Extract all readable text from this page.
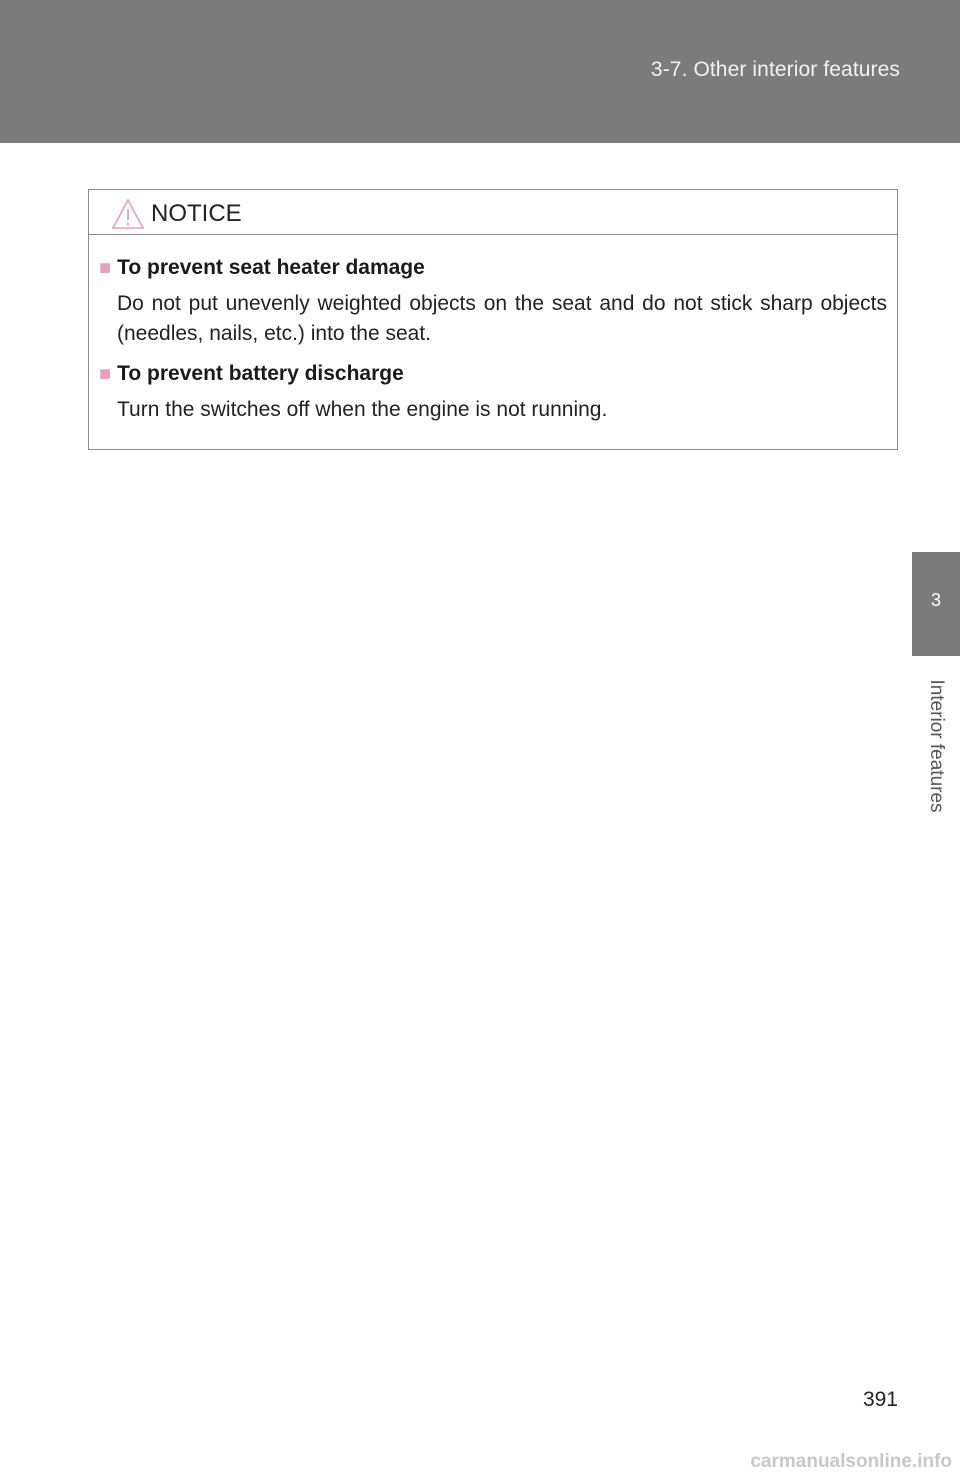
3-7. Other interior features
3
Interior features
NOTICE
■ To prevent seat heater damage
Do not put unevenly weighted objects on the seat and do not stick sharp objects (needles, nails, etc.) into the seat.
■ To prevent battery discharge
Turn the switches off when the engine is not running.
391
carmanualsonline.info
